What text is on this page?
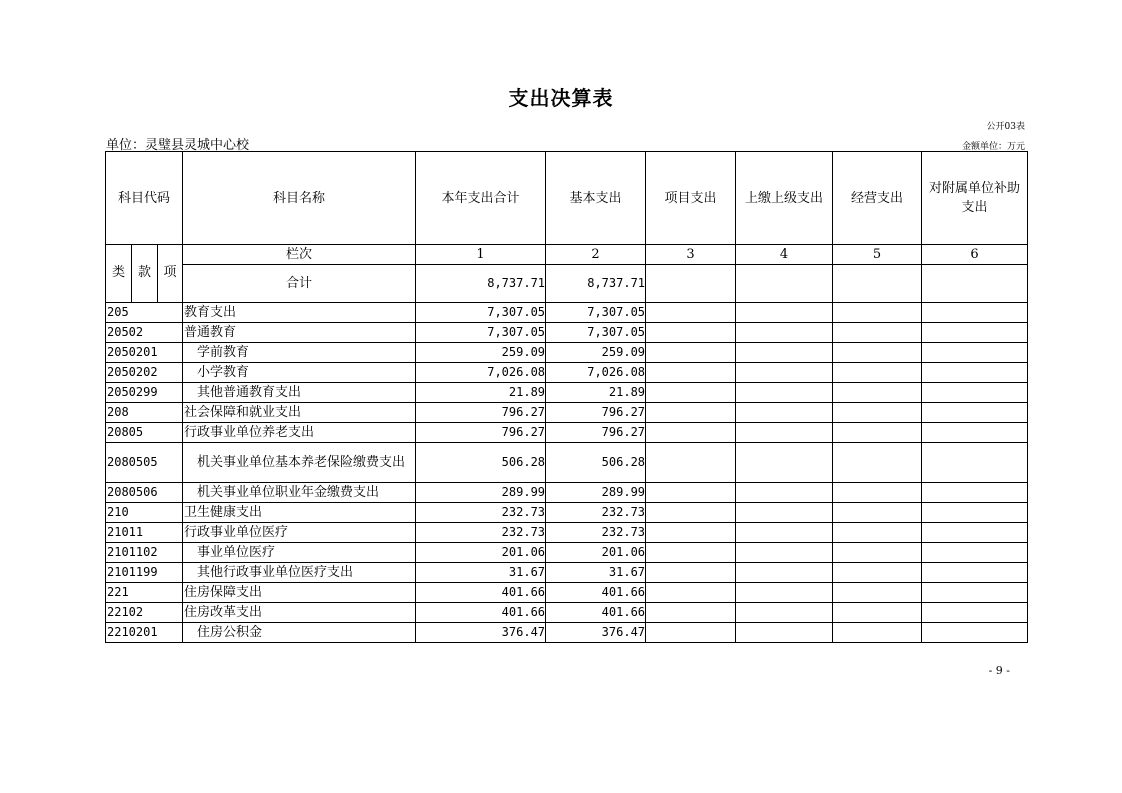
支出决算表
公开03表
单位：灵璧县灵城中心校	金额单位：万元
科目代码			科目名称	本年支出合计	基本支出	项目支出	上缴上级支出	经营支出	对附属单位补助支出
类	款	项	栏次	1	2	3	4	5	6
			合计	8,737.71	8,737.71				
205			教育支出	7,307.05	7,307.05				
20502			普通教育	7,307.05	7,307.05				
2050201			学前教育	259.09	259.09				
2050202			小学教育	7,026.08	7,026.08				
2050299			其他普通教育支出	21.89	21.89				
208			社会保障和就业支出	796.27	796.27				
20805			行政事业单位养老支出	796.27	796.27				
2080505			机关事业单位基本养老保险缴费支出	506.28	506.28				
2080506			机关事业单位职业年金缴费支出	289.99	289.99				
210			卫生健康支出	232.73	232.73				
21011			行政事业单位医疗	232.73	232.73				
2101102			事业单位医疗	201.06	201.06				
2101199			其他行政事业单位医疗支出	31.67	31.67				
221			住房保障支出	401.66	401.66				
22102			住房改革支出	401.66	401.66				
2210201			住房公积金	376.47	376.47				
- 9 -
